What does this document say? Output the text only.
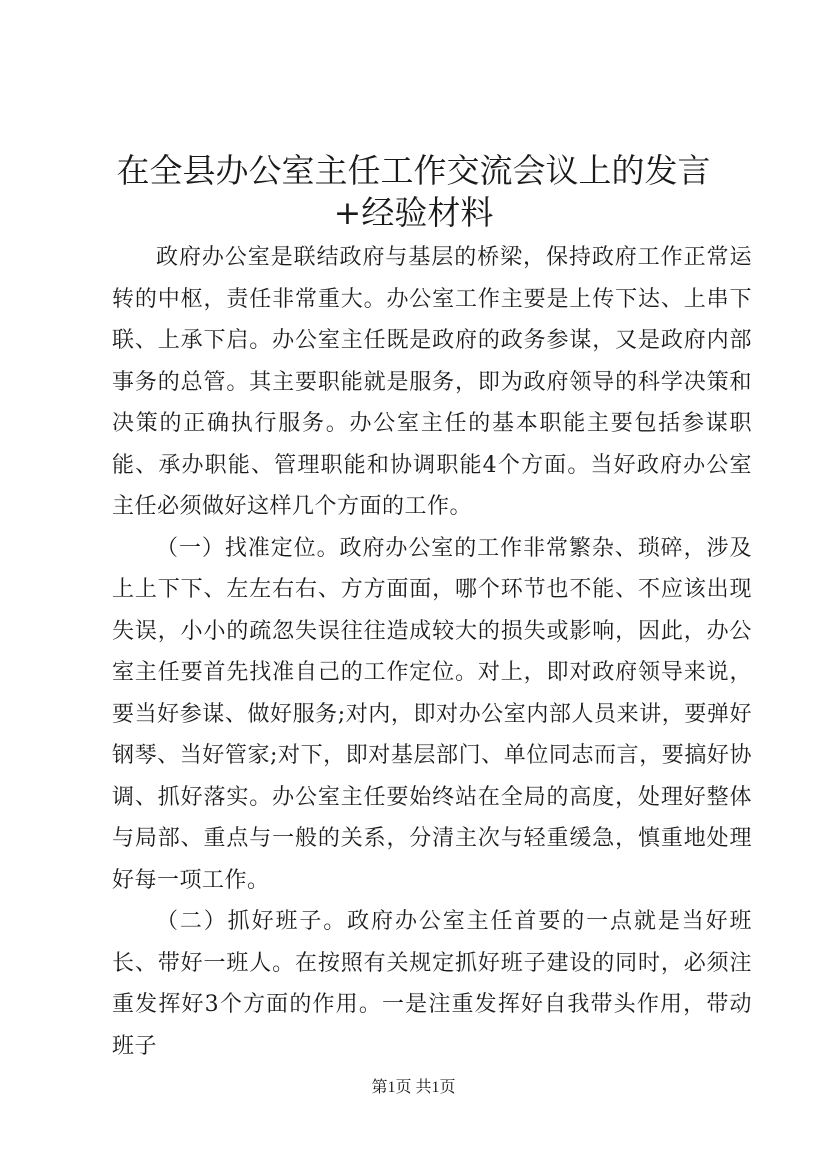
在全县办公室主任工作交流会议上的发言+经验材料

政府办公室是联结政府与基层的桥梁，保持政府工作正常运转的中枢，责任非常重大。办公室工作主要是上传下达、上串下联、上承下启。办公室主任既是政府的政务参谋，又是政府内部事务的总管。其主要职能就是服务，即为政府领导的科学决策和决策的正确执行服务。办公室主任的基本职能主要包括参谋职能、承办职能、管理职能和协调职能4个方面。当好政府办公室主任必须做好这样几个方面的工作。

（一）找准定位。政府办公室的工作非常繁杂、琐碎，涉及上上下下、左左右右、方方面面，哪个环节也不能、不应该出现失误，小小的疏忽失误往往造成较大的损失或影响，因此，办公室主任要首先找准自己的工作定位。对上，即对政府领导来说，要当好参谋、做好服务;对内，即对办公室内部人员来讲，要弹好钢琴、当好管家;对下，即对基层部门、单位同志而言，要搞好协调、抓好落实。办公室主任要始终站在全局的高度，处理好整体与局部、重点与一般的关系，分清主次与轻重缓急，慎重地处理好每一项工作。

（二）抓好班子。政府办公室主任首要的一点就是当好班长、带好一班人。在按照有关规定抓好班子建设的同时，必须注重发挥好3个方面的作用。一是注重发挥好自我带头作用，带动班子

第1页 共1页
